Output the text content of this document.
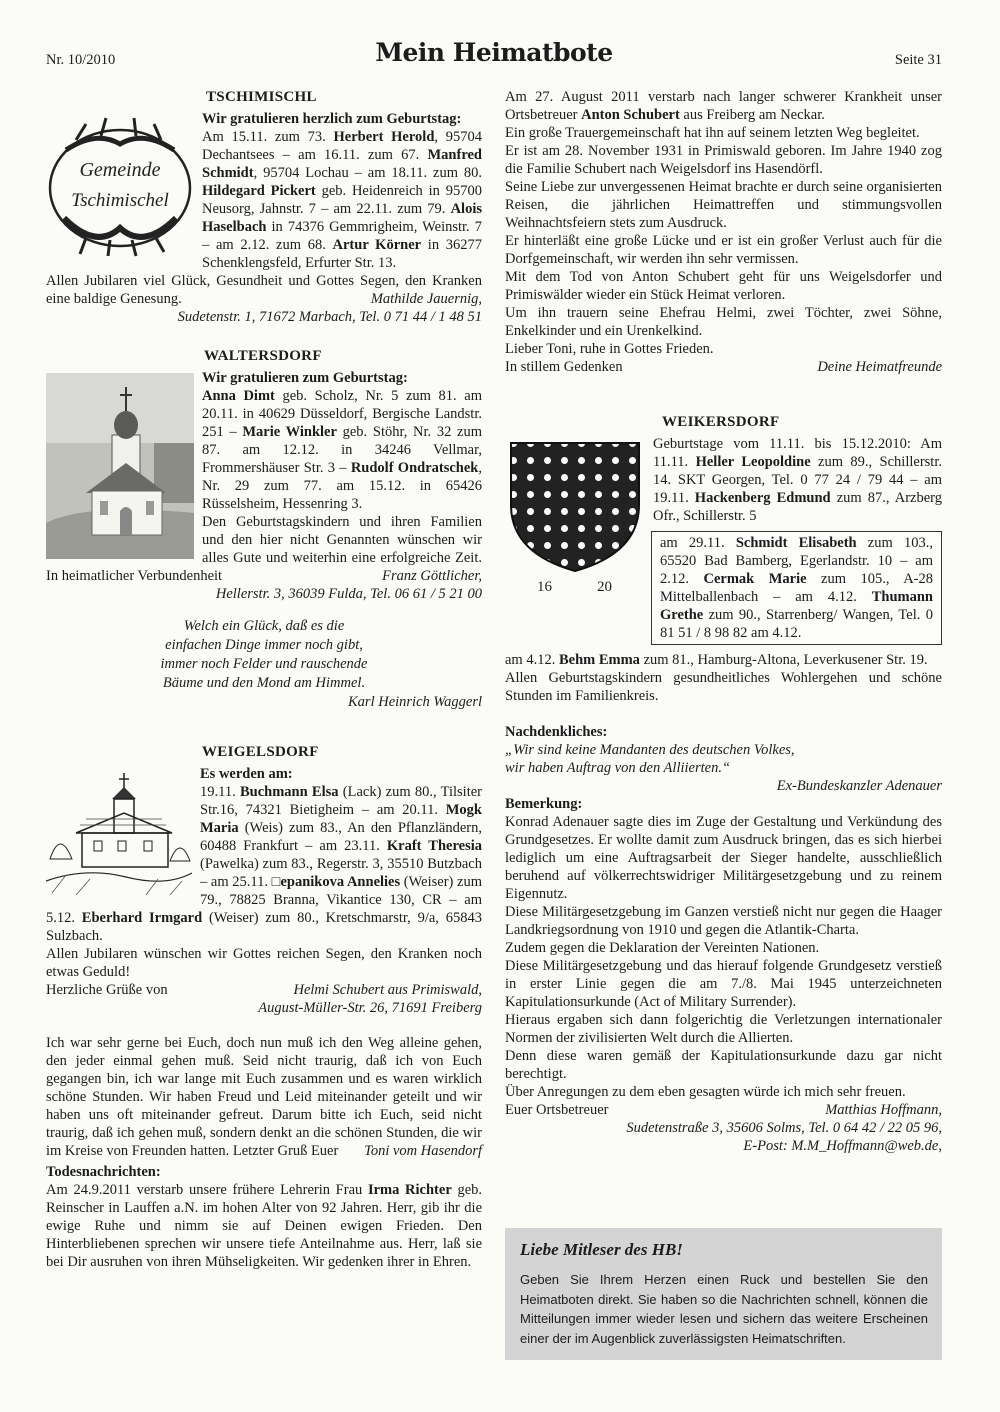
Nr. 10/2010	Mein Heimatbote	Seite 31
TSCHIMISCHL
Gemeinde
Tschimischel

Wir gratulieren herzlich zum Geburtstag:

Am 15.11. zum 73. Herbert Herold, 95704 Dechantsees – am 16.11. zum 67. Manfred Schmidt, 95704 Lochau – am 18.11. zum 80. Hildegard Pickert geb. Heidenreich in 95700 Neusorg, Jahnstr. 7 – am 22.11. zum 79. Alois Haselbach in 74376 Gemmrigheim, Weinstr. 7 – am 2.12. zum 68. Artur Körner in 36277 Schenklengsfeld, Erfurter Str. 13.

Allen Jubilaren viel Glück, Gesundheit und Gottes Segen, den Kranken eine baldige Genesung.	Mathilde Jauernig,

Sudetenstr. 1, 71672 Marbach, Tel. 0 71 44 / 1 48 51

WALTERSDORF

Wir gratulieren zum Geburtstag:

Anna Dimt geb. Scholz, Nr. 5 zum 81. am 20.11. in 40629 Düsseldorf, Bergische Landstr. 251 – Marie Winkler geb. Stöhr, Nr. 32 zum 87. am 12.12. in 34246 Vellmar, Frommershäuser Str. 3 – Rudolf Ondratschek, Nr. 29 zum 77. am 15.12. in 65426 Rüsselsheim, Hessenring 3.

Den Geburtstagskindern und ihren Familien und den hier nicht Genannten wünschen wir alles Gute und weiterhin eine erfolgreiche Zeit. In heimatlicher Verbundenheit	Franz Göttlicher,

Hellerstr. 3, 36039 Fulda, Tel. 06 61 / 5 21 00

Welch ein Glück, daß es die
einfachen Dinge immer noch gibt,
immer noch Felder und rauschende
Bäume und den Mond am Himmel.

Karl Heinrich Waggerl

WEIGELSDORF

Es werden am:

19.11. Buchmann Elsa (Lack) zum 80., Tilsiter Str.16, 74321 Bietigheim – am 20.11. Mogk Maria (Weis) zum 83., An den Pflanzländern, 60488 Frankfurt – am 23.11. Kraft Theresia (Pawelka) zum 83., Regerstr. 3, 35510 Butzbach – am 25.11. □epanikova Annelies (Weiser) zum 79., 78825 Branna, Vikantice 130, CR – am 5.12. Eberhard Irmgard (Weiser) zum 80., Kretschmarstr, 9/a, 65843 Sulzbach.

Allen Jubilaren wünschen wir Gottes reichen Segen, den Kranken noch etwas Geduld!

Herzliche Grüße von	Helmi Schubert aus Primiswald,

August-Müller-Str. 26, 71691 Freiberg

Ich war sehr gerne bei Euch, doch nun muß ich den Weg alleine gehen, den jeder einmal gehen muß. Seid nicht traurig, daß ich von Euch gegangen bin, ich war lange mit Euch zusammen und es waren wirklich schöne Stunden. Wir haben Freud und Leid miteinander geteilt und wir haben uns oft miteinander gefreut. Darum bitte ich Euch, seid nicht traurig, daß ich gehen muß, sondern denkt an die schönen Stunden, die wir im Kreise von Freunden hatten. Letzter Gruß Euer Toni vom Hasendorf

Todesnachrichten:

Am 24.9.2011 verstarb unsere frühere Lehrerin Frau Irma Richter geb. Reinscher in Lauffen a.N. im hohen Alter von 92 Jahren. Herr, gib ihr die ewige Ruhe und nimm sie auf Deinen ewigen Frieden. Den Hinterbliebenen sprechen wir unsere tiefe Anteilnahme aus. Herr, laß sie bei Dir ausruhen von ihren Mühseligkeiten. Wir gedenken ihrer in Ehren.

Am 27. August 2011 verstarb nach langer schwerer Krankheit unser Ortsbetreuer Anton Schubert aus Freiberg am Neckar.

Ein große Trauergemeinschaft hat ihn auf seinem letzten Weg begleitet.

Er ist am 28. November 1931 in Primiswald geboren. Im Jahre 1940 zog die Familie Schubert nach Weigelsdorf ins Hasendörfl.

Seine Liebe zur unvergessenen Heimat brachte er durch seine organisierten Reisen, die jährlichen Heimattreffen und stimmungsvollen Weihnachtsfeiern stets zum Ausdruck.

Er hinterläßt eine große Lücke und er ist ein großer Verlust auch für die Dorfgemeinschaft, wir werden ihn sehr vermissen.

Mit dem Tod von Anton Schubert geht für uns Weigelsdorfer und Primiswälder wieder ein Stück Heimat verloren.

Um ihn trauern seine Ehefrau Helmi, zwei Töchter, zwei Söhne, Enkelkinder und ein Urenkelkind.

Lieber Toni, ruhe in Gottes Frieden.

In stillem Gedenken	Deine Heimatfreunde
WEIKERSDORF
16	20

Geburtstage vom 11.11. bis 15.12.2010: Am 11.11. Heller Leopoldine zum 89., Schillerstr. 14. SKT Georgen, Tel. 0 77 24 / 79 44 – am 19.11. Hackenberg Edmund zum 87., Arzberg Ofr., Schillerstr. 5

am 29.11. Schmidt Elisabeth zum 103., 65520 Bad Bamberg, Egerlandstr. 10 – am 2.12. Cermak Marie zum 105., A-28 Mittelballenbach – am 4.12. Thumann Grethe zum 90., Starrenberg/ Wangen, Tel. 0 81 51 / 8 98 82 am 4.12.

am 4.12. Behm Emma zum 81., Hamburg-Altona, Leverkusener Str. 19.

Allen Geburtstagskindern gesundheitliches Wohlergehen und schöne Stunden im Familienkreis.

Nachdenkliches:

„Wir sind keine Mandanten des deutschen Volkes,

wir haben Auftrag von den Alliierten.“

Ex-Bundeskanzler Adenauer

Bemerkung:

Konrad Adenauer sagte dies im Zuge der Gestaltung und Verkündung des Grundgesetzes. Er wollte damit zum Ausdruck bringen, das es sich hierbei lediglich um eine Auftragsarbeit der Sieger handelte, ausschließlich beruhend auf völkerrechtswidriger Militärgesetzgebung und zu reinem Eigennutz.

Diese Militärgesetzgebung im Ganzen verstieß nicht nur gegen die Haager Landkriegsordnung von 1910 und gegen die Atlantik-Charta.

Zudem gegen die Deklaration der Vereinten Nationen.

Diese Militärgesetzgebung und das hierauf folgende Grundgesetz verstieß in erster Linie gegen die am 7./8. Mai 1945 unterzeichneten Kapitulationsurkunde (Act of Military Surrender).

Hieraus ergaben sich dann folgerichtig die Verletzungen internationaler Normen der zivilisierten Welt durch die Allierten.

Denn diese waren gemäß der Kapitulationsurkunde dazu gar nicht berechtigt.

Über Anregungen zu dem eben gesagten würde ich mich sehr freuen.

Euer Ortsbetreuer	Matthias Hoffmann,

Sudetenstraße 3, 35606 Solms, Tel. 0 64 42 / 22 05 96,

E-Post: M.M_Hoffmann@web.de,

Liebe Mitleser des HB!
Geben Sie Ihrem Herzen einen Ruck und bestellen Sie den Heimatboten direkt. Sie haben so die Nachrichten schnell, können die Mitteilungen immer wieder lesen und sichern das weitere Erscheinen einer der im Augenblick zuverlässigsten Heimatschriften.
